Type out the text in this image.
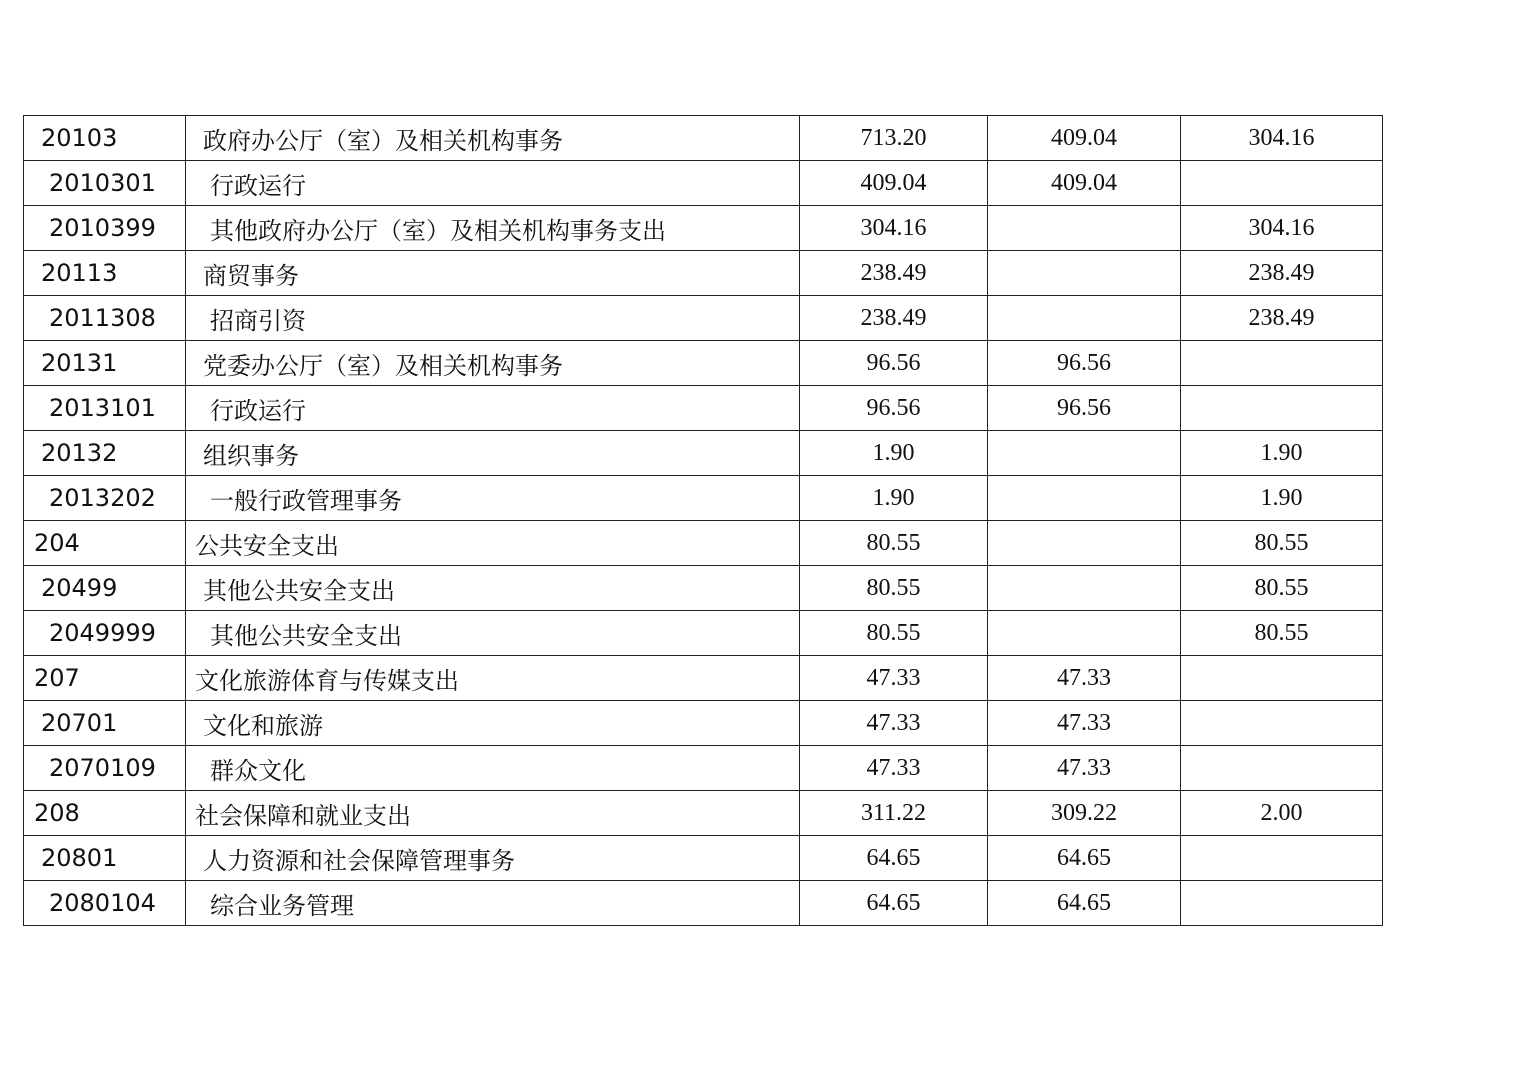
20103	政府办公厅（室）及相关机构事务	713.20	409.04	304.16
2010301	行政运行	409.04	409.04	
2010399	其他政府办公厅（室）及相关机构事务支出	304.16		304.16
20113	商贸事务	238.49		238.49
2011308	招商引资	238.49		238.49
20131	党委办公厅（室）及相关机构事务	96.56	96.56	
2013101	行政运行	96.56	96.56	
20132	组织事务	1.90		1.90
2013202	一般行政管理事务	1.90		1.90
204	公共安全支出	80.55		80.55
20499	其他公共安全支出	80.55		80.55
2049999	其他公共安全支出	80.55		80.55
207	文化旅游体育与传媒支出	47.33	47.33	
20701	文化和旅游	47.33	47.33	
2070109	群众文化	47.33	47.33	
208	社会保障和就业支出	311.22	309.22	2.00
20801	人力资源和社会保障管理事务	64.65	64.65	
2080104	综合业务管理	64.65	64.65	
